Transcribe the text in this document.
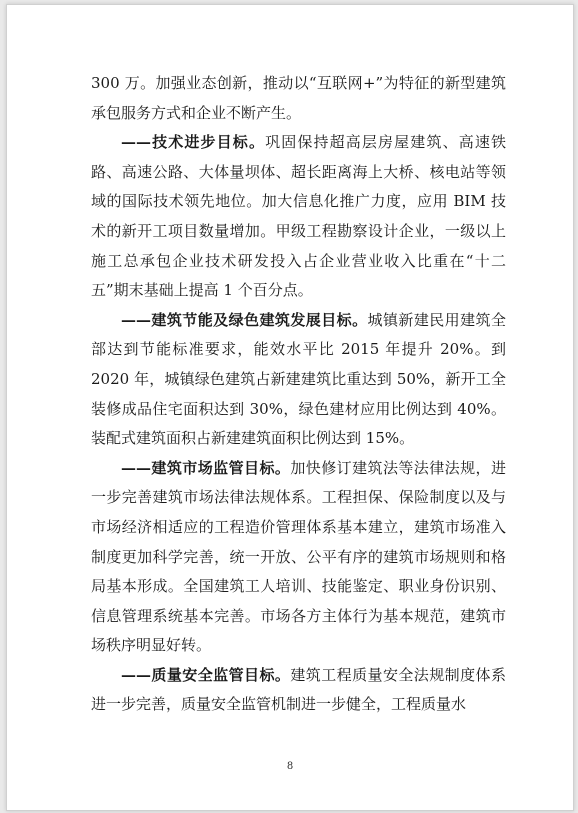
300 万。加强业态创新，推动以“互联网+”为特征的新型建筑承包服务方式和企业不断产生。

——技术进步目标。巩固保持超高层房屋建筑、高速铁路、高速公路、大体量坝体、超长距离海上大桥、核电站等领域的国际技术领先地位。加大信息化推广力度，应用 BIM 技术的新开工项目数量增加。甲级工程勘察设计企业，一级以上施工总承包企业技术研发投入占企业营业收入比重在“十二五”期末基础上提高 1 个百分点。

——建筑节能及绿色建筑发展目标。城镇新建民用建筑全部达到节能标准要求，能效水平比 2015 年提升 20%。到 2020 年，城镇绿色建筑占新建建筑比重达到 50%，新开工全装修成品住宅面积达到 30%，绿色建材应用比例达到 40%。装配式建筑面积占新建建筑面积比例达到 15%。

——建筑市场监管目标。加快修订建筑法等法律法规，进一步完善建筑市场法律法规体系。工程担保、保险制度以及与市场经济相适应的工程造价管理体系基本建立，建筑市场准入制度更加科学完善，统一开放、公平有序的建筑市场规则和格局基本形成。全国建筑工人培训、技能鉴定、职业身份识别、信息管理系统基本完善。市场各方主体行为基本规范，建筑市场秩序明显好转。

——质量安全监管目标。建筑工程质量安全法规制度体系进一步完善，质量安全监管机制进一步健全，工程质量水

8
